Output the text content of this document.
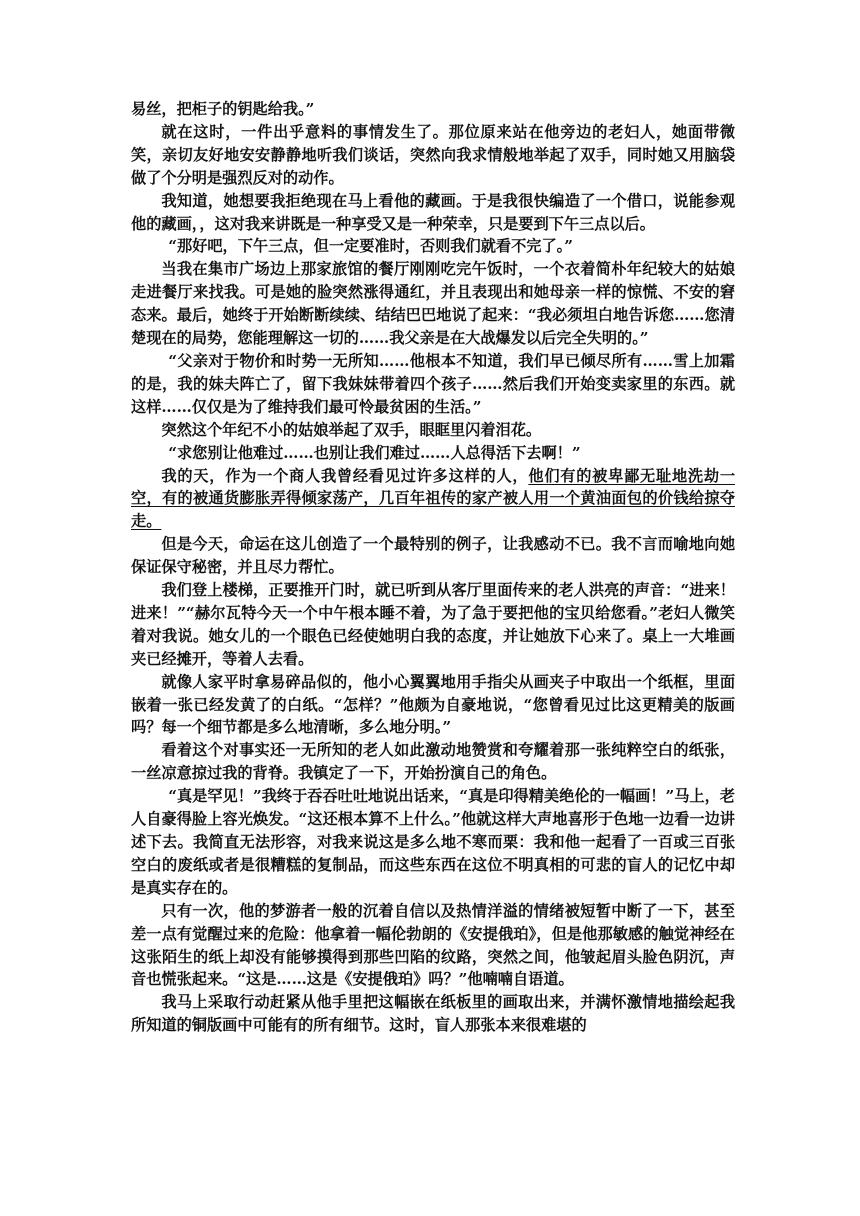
易丝，把柜子的钥匙给我。”

就在这时，一件出乎意料的事情发生了。那位原来站在他旁边的老妇人，她面带微笑，亲切友好地安安静静地听我们谈话，突然向我求情般地举起了双手，同时她又用脑袋做了个分明是强烈反对的动作。

我知道，她想要我拒绝现在马上看他的藏画。于是我很快编造了一个借口，说能参观他的藏画，，这对我来讲既是一种享受又是一种荣幸，只是要到下午三点以后。

“那好吧，下午三点，但一定要准时，否则我们就看不完了。”

当我在集市广场边上那家旅馆的餐厅刚刚吃完午饭时，一个衣着简朴年纪较大的姑娘走进餐厅来找我。可是她的脸突然涨得通红，并且表现出和她母亲一样的惊慌、不安的窘态来。最后，她终于开始断断续续、结结巴巴地说了起来：“我必须坦白地告诉您……您清楚现在的局势，您能理解这一切的……我父亲是在大战爆发以后完全失明的。”

“父亲对于物价和时势一无所知……他根本不知道，我们早已倾尽所有……雪上加霜的是，我的妹夫阵亡了，留下我妹妹带着四个孩子……然后我们开始变卖家里的东西。就这样……仅仅是为了维持我们最可怜最贫困的生活。”

突然这个年纪不小的姑娘举起了双手，眼眶里闪着泪花。

“求您别让他难过……也别让我们难过……人总得活下去啊！”

我的天，作为一个商人我曾经看见过许多这样的人，他们有的被卑鄙无耻地洗劫一空，有的被通货膨胀弄得倾家荡产，几百年祖传的家产被人用一个黄油面包的价钱给掠夺走。

但是今天，命运在这儿创造了一个最特别的例子，让我感动不已。我不言而喻地向她保证保守秘密，并且尽力帮忙。

我们登上楼梯，正要推开门时，就已听到从客厅里面传来的老人洪亮的声音：“进来！进来！”“赫尔瓦特今天一个中午根本睡不着，为了急于要把他的宝贝给您看。”老妇人微笑着对我说。她女儿的一个眼色已经使她明白我的态度，并让她放下心来了。桌上一大堆画夹已经摊开，等着人去看。

就像人家平时拿易碎品似的，他小心翼翼地用手指尖从画夹子中取出一个纸框，里面嵌着一张已经发黄了的白纸。“怎样？”他颇为自豪地说，“您曾看见过比这更精美的版画吗？每一个细节都是多么地清晰，多么地分明。”

看着这个对事实还一无所知的老人如此激动地赞赏和夸耀着那一张纯粹空白的纸张，一丝凉意掠过我的背脊。我镇定了一下，开始扮演自己的角色。

“真是罕见！”我终于吞吞吐吐地说出话来，“真是印得精美绝伦的一幅画！”马上，老人自豪得脸上容光焕发。“这还根本算不上什么。”他就这样大声地喜形于色地一边看一边讲述下去。我简直无法形容，对我来说这是多么地不寒而栗：我和他一起看了一百或三百张空白的废纸或者是很糟糕的复制品，而这些东西在这位不明真相的可悲的盲人的记忆中却是真实存在的。

只有一次，他的梦游者一般的沉着自信以及热情洋溢的情绪被短暂中断了一下，甚至差一点有觉醒过来的危险：他拿着一幅伦勃朗的《安提俄珀》，但是他那敏感的触觉神经在这张陌生的纸上却没有能够摸得到那些凹陷的纹路，突然之间，他皱起眉头脸色阴沉，声音也慌张起来。“这是……这是《安提俄珀》吗？”他喃喃自语道。

我马上采取行动赶紧从他手里把这幅嵌在纸板里的画取出来，并满怀激情地描绘起我所知道的铜版画中可能有的所有细节。这时，盲人那张本来很难堪的
